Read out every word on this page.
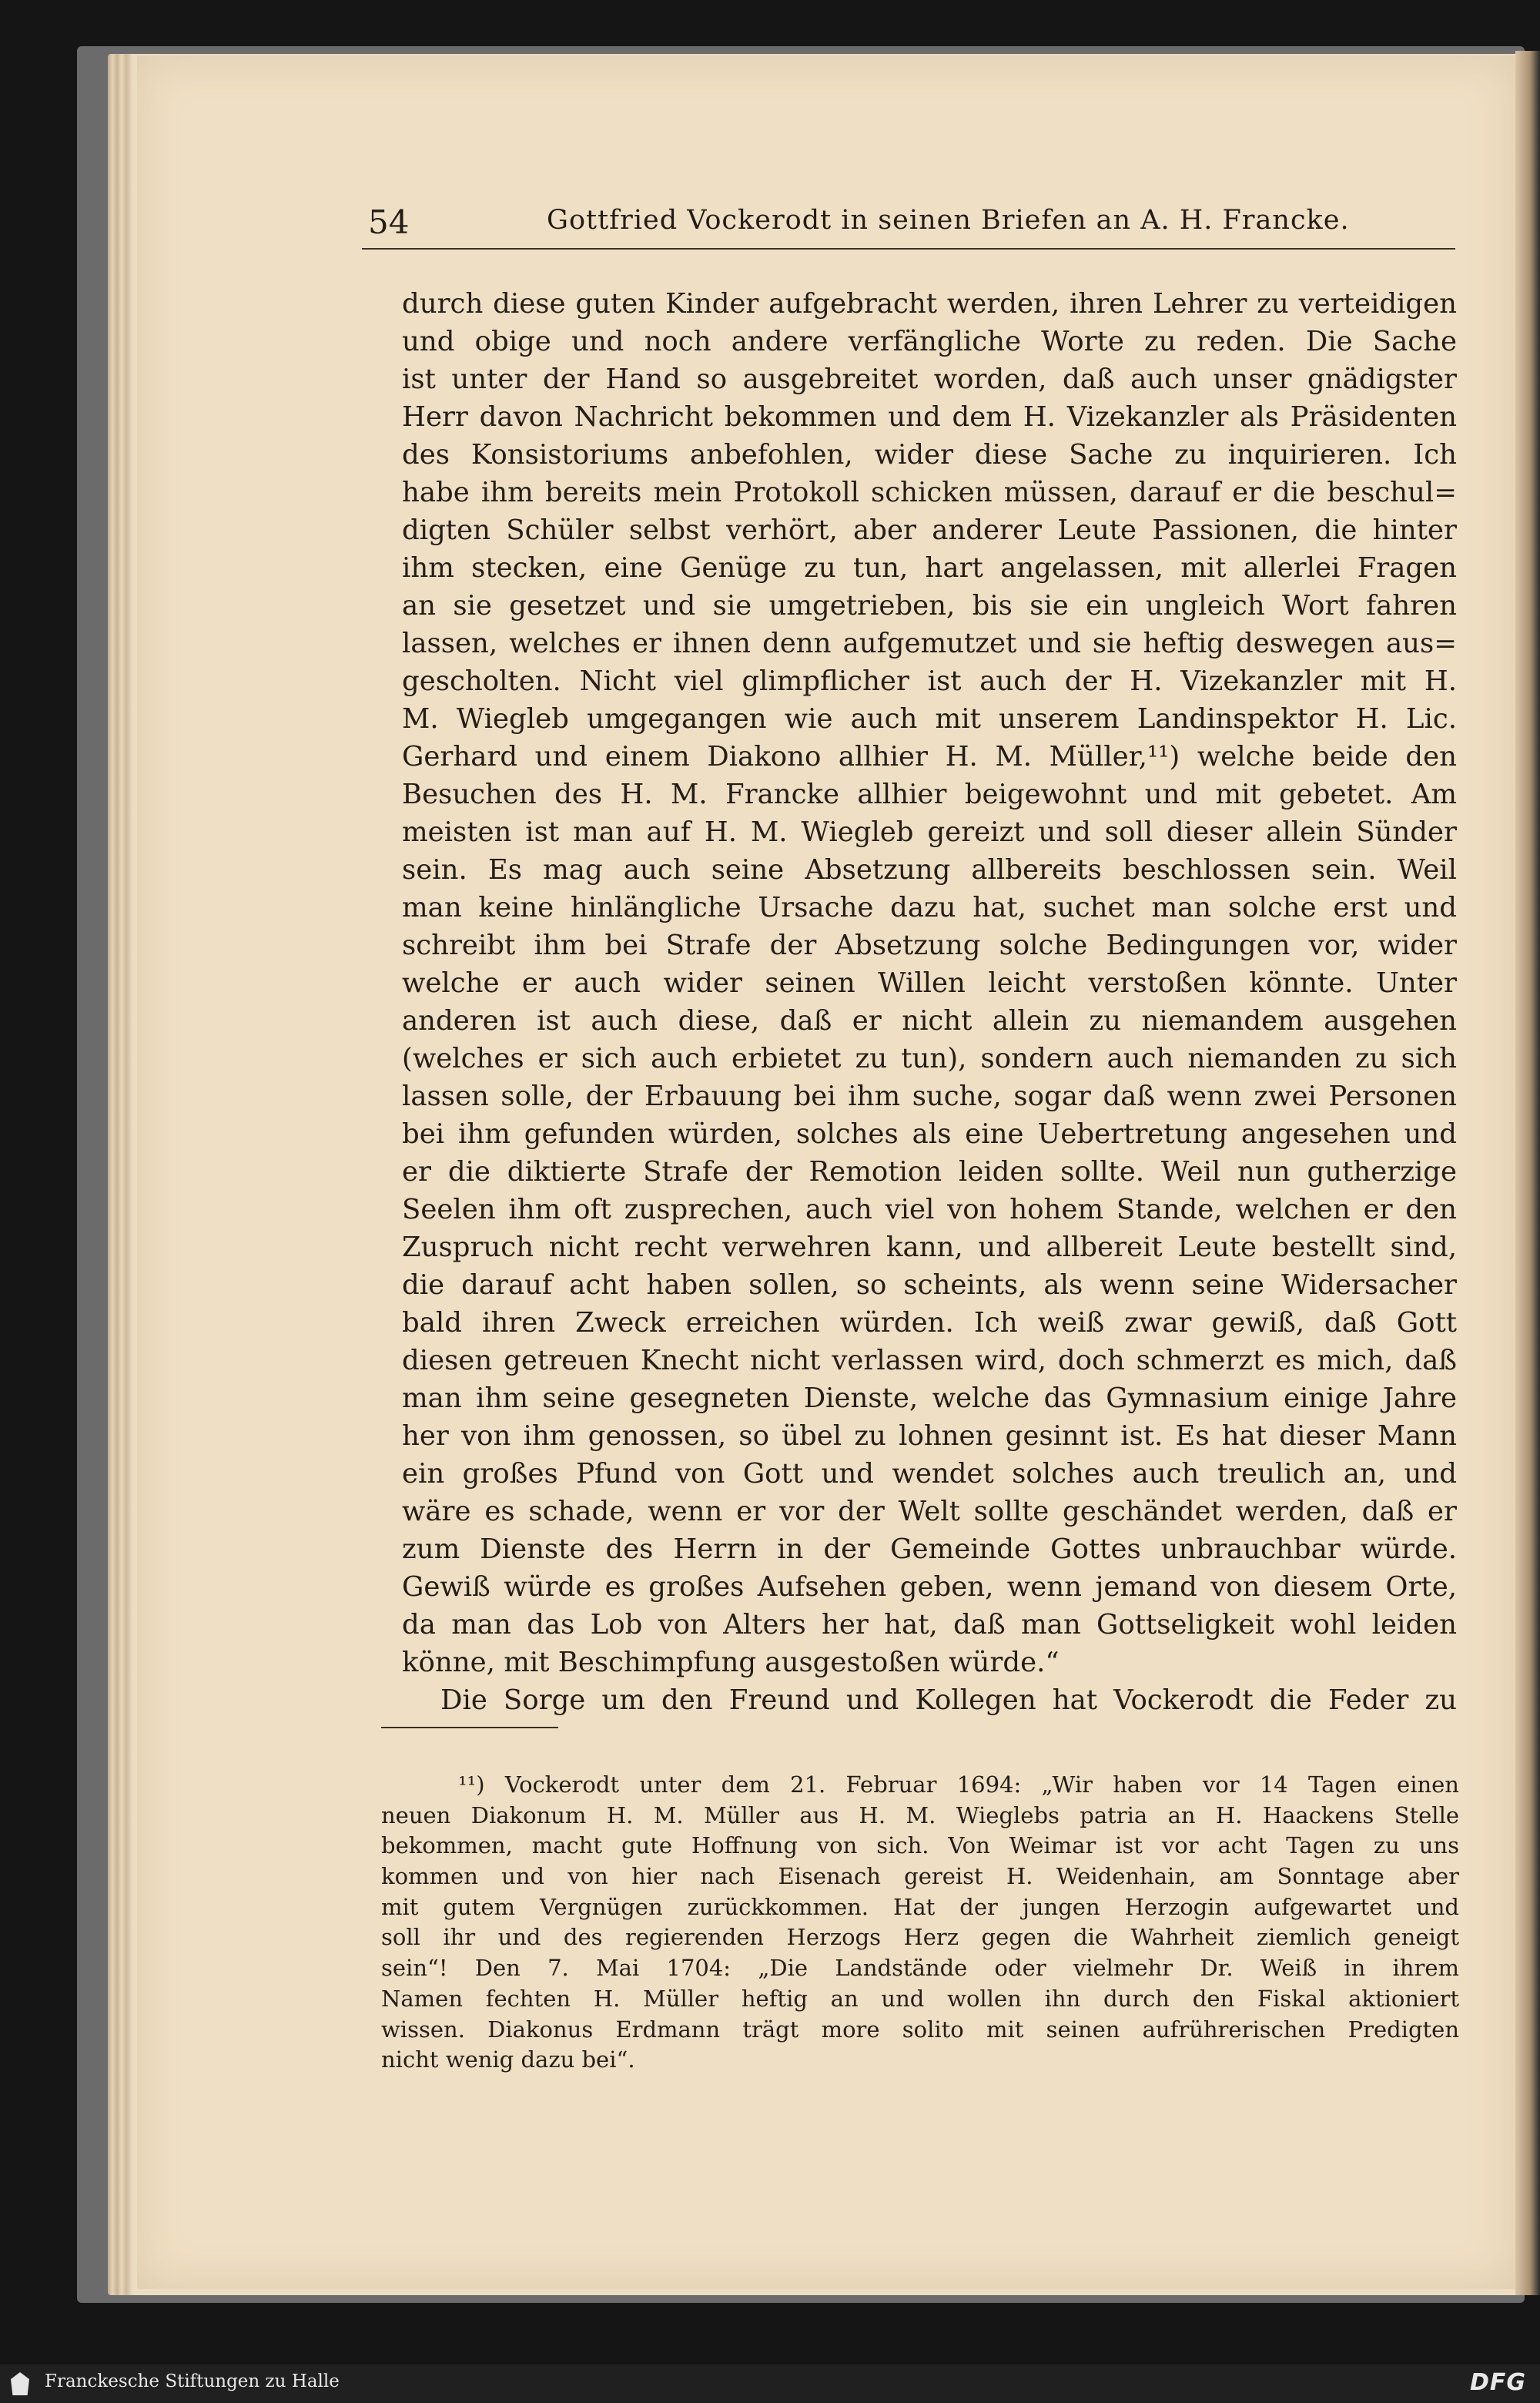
54	Gottfried Vockerodt in seinen Briefen an A. H. Francke.
durch diese guten Kinder aufgebracht werden, ihren Lehrer zu verteidigen
und obige und noch andere verfängliche Worte zu reden. Die Sache
ist unter der Hand so ausgebreitet worden, daß auch unser gnädigster
Herr davon Nachricht bekommen und dem H. Vizekanzler als Präsidenten
des Konsistoriums anbefohlen, wider diese Sache zu inquirieren. Ich
habe ihm bereits mein Protokoll schicken müssen, darauf er die beschul=
digten Schüler selbst verhört, aber anderer Leute Passionen, die hinter
ihm stecken, eine Genüge zu tun, hart angelassen, mit allerlei Fragen
an sie gesetzet und sie umgetrieben, bis sie ein ungleich Wort fahren
lassen, welches er ihnen denn aufgemutzet und sie heftig deswegen aus=
gescholten. Nicht viel glimpflicher ist auch der H. Vizekanzler mit H.
M. Wiegleb umgegangen wie auch mit unserem Landinspektor H. Lic.
Gerhard und einem Diakono allhier H. M. Müller,¹¹) welche beide den
Besuchen des H. M. Francke allhier beigewohnt und mit gebetet. Am
meisten ist man auf H. M. Wiegleb gereizt und soll dieser allein Sünder
sein. Es mag auch seine Absetzung allbereits beschlossen sein. Weil
man keine hinlängliche Ursache dazu hat, suchet man solche erst und
schreibt ihm bei Strafe der Absetzung solche Bedingungen vor, wider
welche er auch wider seinen Willen leicht verstoßen könnte. Unter
anderen ist auch diese, daß er nicht allein zu niemandem ausgehen
(welches er sich auch erbietet zu tun), sondern auch niemanden zu sich
lassen solle, der Erbauung bei ihm suche, sogar daß wenn zwei Personen
bei ihm gefunden würden, solches als eine Uebertretung angesehen und
er die diktierte Strafe der Remotion leiden sollte. Weil nun gutherzige
Seelen ihm oft zusprechen, auch viel von hohem Stande, welchen er den
Zuspruch nicht recht verwehren kann, und allbereit Leute bestellt sind,
die darauf acht haben sollen, so scheints, als wenn seine Widersacher
bald ihren Zweck erreichen würden. Ich weiß zwar gewiß, daß Gott
diesen getreuen Knecht nicht verlassen wird, doch schmerzt es mich, daß
man ihm seine gesegneten Dienste, welche das Gymnasium einige Jahre
her von ihm genossen, so übel zu lohnen gesinnt ist. Es hat dieser Mann
ein großes Pfund von Gott und wendet solches auch treulich an, und
wäre es schade, wenn er vor der Welt sollte geschändet werden, daß er
zum Dienste des Herrn in der Gemeinde Gottes unbrauchbar würde.
Gewiß würde es großes Aufsehen geben, wenn jemand von diesem Orte,
da man das Lob von Alters her hat, daß man Gottseligkeit wohl leiden
könne, mit Beschimpfung ausgestoßen würde.“
Die Sorge um den Freund und Kollegen hat Vockerodt die Feder zu
¹¹) Vockerodt unter dem 21. Februar 1694: „Wir haben vor 14 Tagen einen
neuen Diakonum H. M. Müller aus H. M. Wieglebs patria an H. Haackens Stelle
bekommen, macht gute Hoffnung von sich. Von Weimar ist vor acht Tagen zu uns
kommen und von hier nach Eisenach gereist H. Weidenhain, am Sonntage aber
mit gutem Vergnügen zurückkommen. Hat der jungen Herzogin aufgewartet und
soll ihr und des regierenden Herzogs Herz gegen die Wahrheit ziemlich geneigt
sein“! Den 7. Mai 1704: „Die Landstände oder vielmehr Dr. Weiß in ihrem
Namen fechten H. Müller heftig an und wollen ihn durch den Fiskal aktioniert
wissen. Diakonus Erdmann trägt more solito mit seinen aufrührerischen Predigten
nicht wenig dazu bei“.
Franckesche Stiftungen zu Halle	DFG
